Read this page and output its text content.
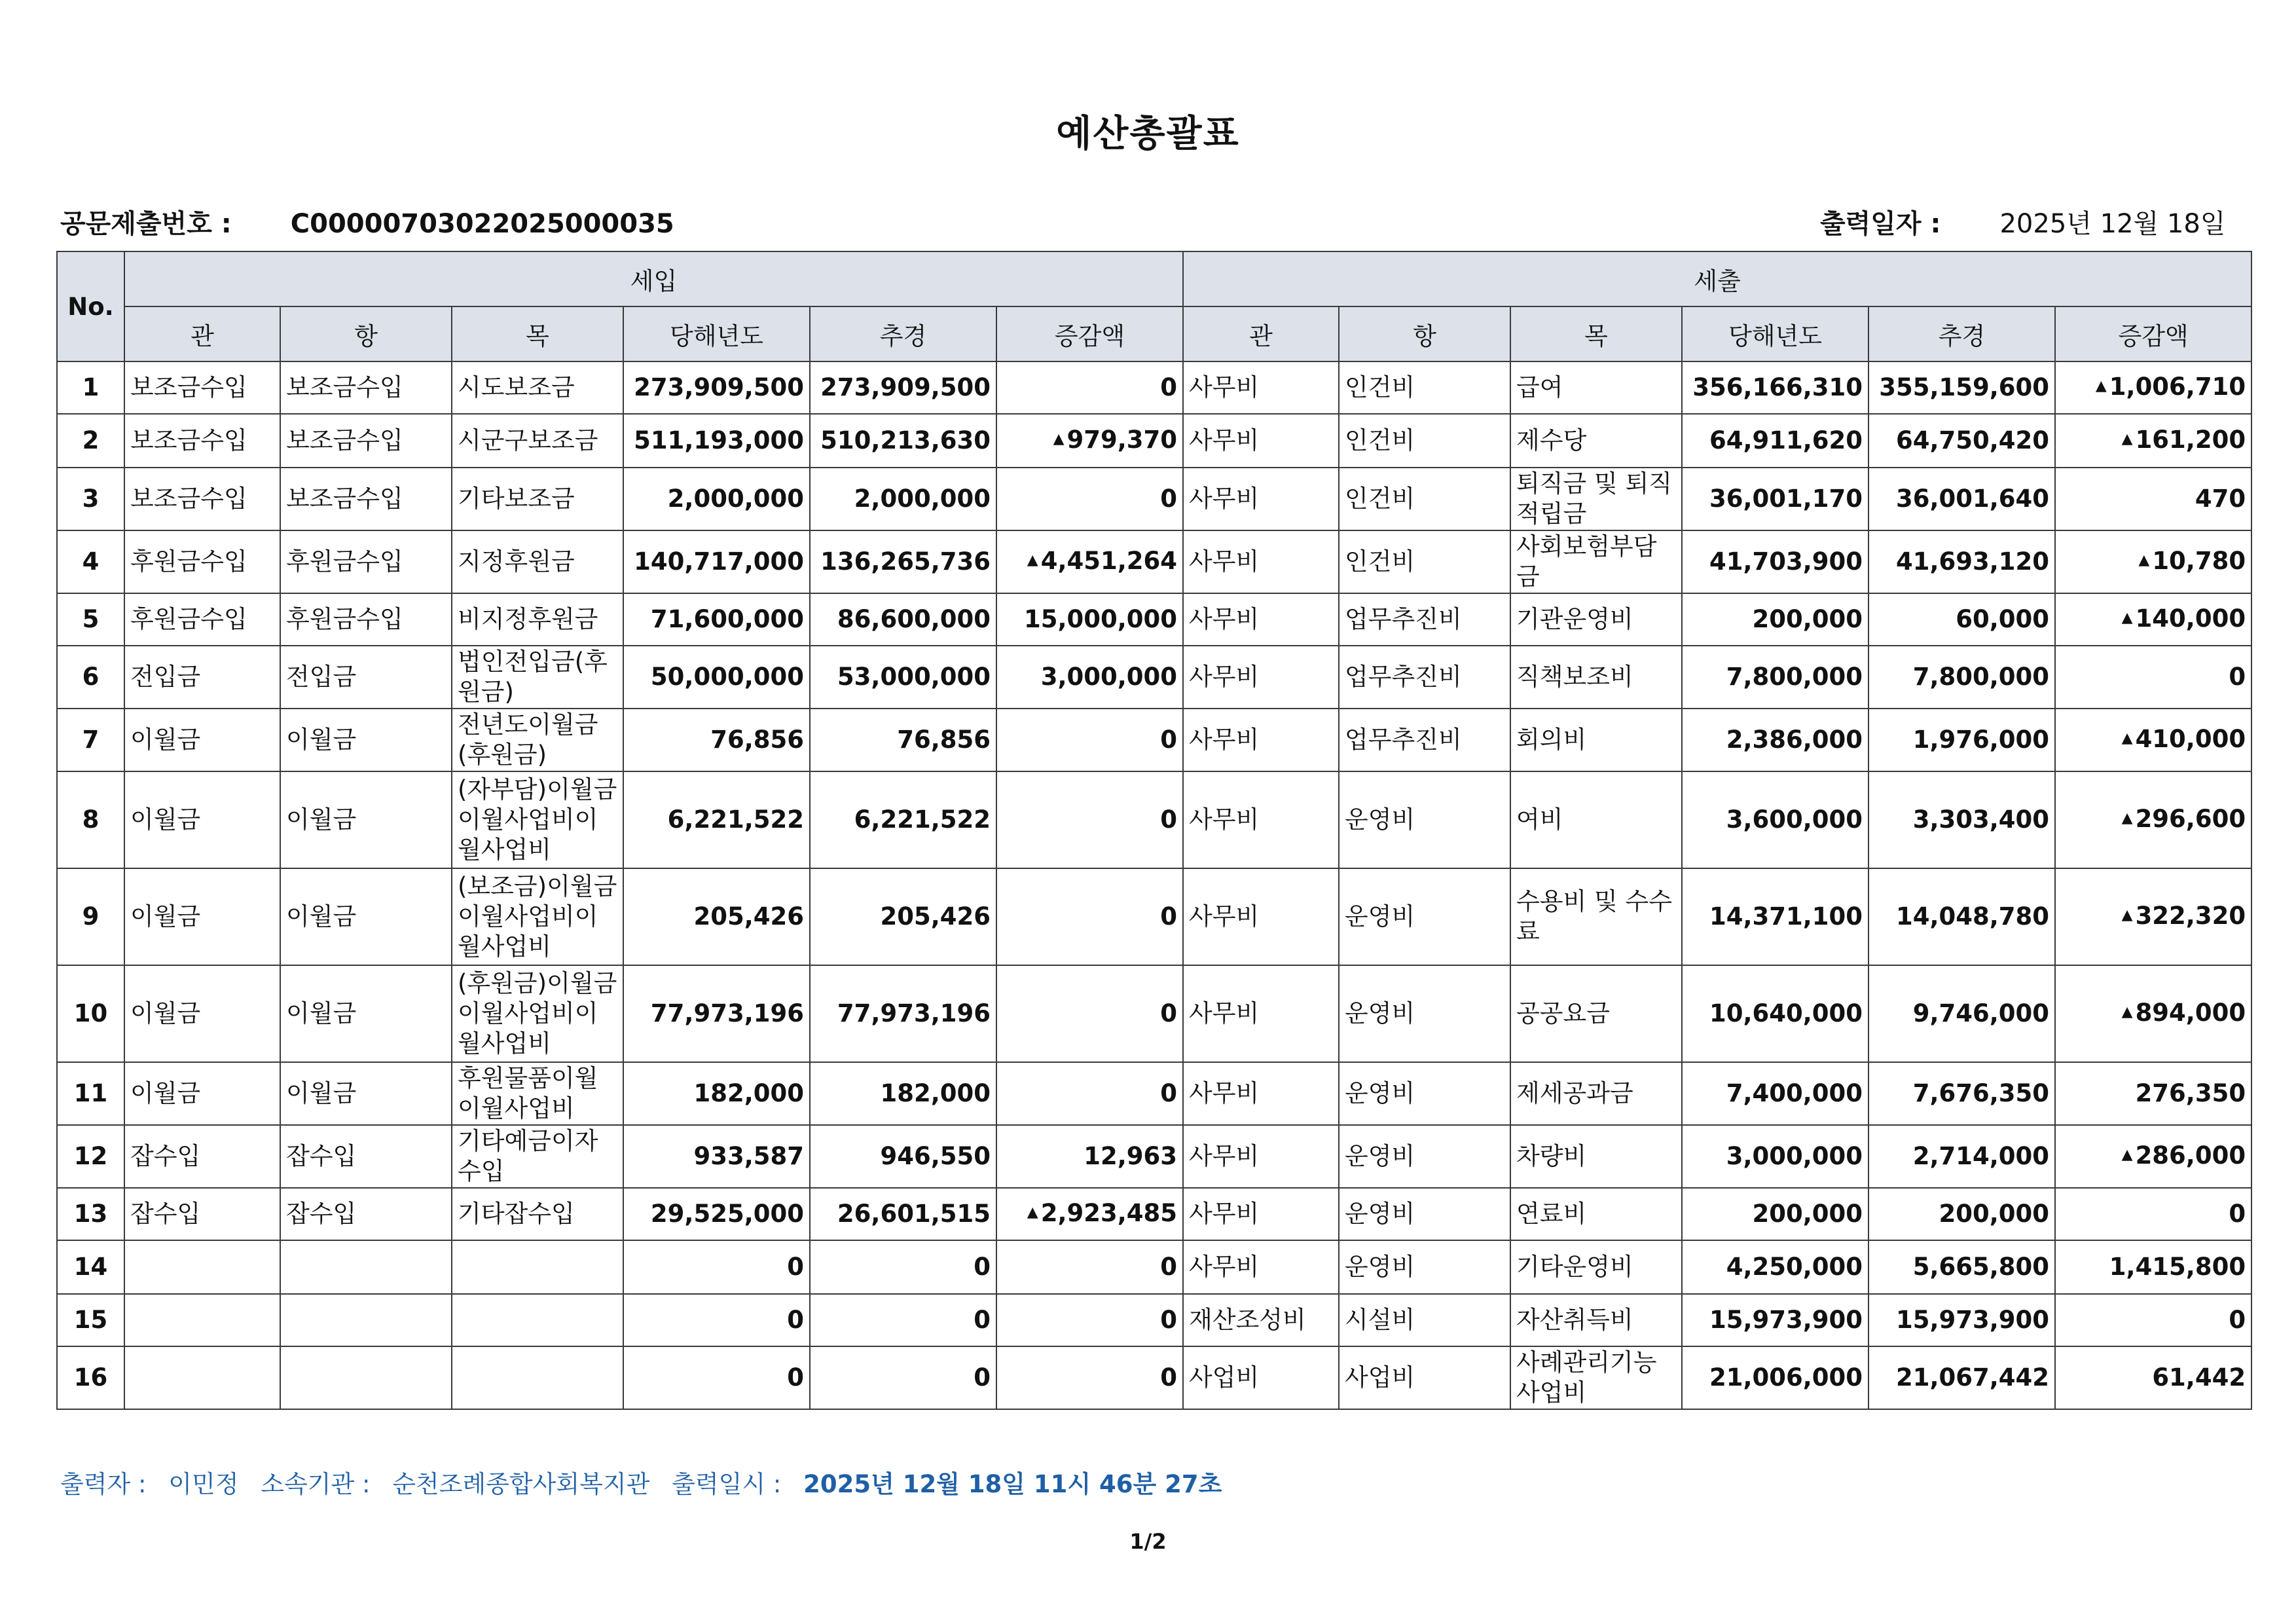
예산총괄표
공문제출번호 : C00000703022025000035	출력일자 : 2025년 12월 18일
No.	세입						세출					
	관	항	목	당해년도	추경	증감액	관	항	목	당해년도	추경	증감액
1	보조금수입	보조금수입	시도보조금	273,909,500	273,909,500	0	사무비	인건비	급여	356,166,310	355,159,600	▲ 1,006,710
2	보조금수입	보조금수입	시군구보조금	511,193,000	510,213,630	▲ 979,370	사무비	인건비	제수당	64,911,620	64,750,420	▲ 161,200
3	보조금수입	보조금수입	기타보조금	2,000,000	2,000,000	0	사무비	인건비	퇴직금 및 퇴직적립금	36,001,170	36,001,640	470
4	후원금수입	후원금수입	지정후원금	140,717,000	136,265,736	▲ 4,451,264	사무비	인건비	사회보험부담금	41,703,900	41,693,120	▲ 10,780
5	후원금수입	후원금수입	비지정후원금	71,600,000	86,600,000	15,000,000	사무비	업무추진비	기관운영비	200,000	60,000	▲ 140,000
6	전입금	전입금	법인전입금(후원금)	50,000,000	53,000,000	3,000,000	사무비	업무추진비	직책보조비	7,800,000	7,800,000	0
7	이월금	이월금	전년도이월금(후원금)	76,856	76,856	0	사무비	업무추진비	회의비	2,386,000	1,976,000	▲ 410,000
8	이월금	이월금	(자부담)이월금이월사업비이월사업비	6,221,522	6,221,522	0	사무비	운영비	여비	3,600,000	3,303,400	▲ 296,600
9	이월금	이월금	(보조금)이월금이월사업비이월사업비	205,426	205,426	0	사무비	운영비	수용비 및 수수료	14,371,100	14,048,780	▲ 322,320
10	이월금	이월금	(후원금)이월금이월사업비이월사업비	77,973,196	77,973,196	0	사무비	운영비	공공요금	10,640,000	9,746,000	▲ 894,000
11	이월금	이월금	후원물품이월이월사업비	182,000	182,000	0	사무비	운영비	제세공과금	7,400,000	7,676,350	276,350
12	잡수입	잡수입	기타예금이자수입	933,587	946,550	12,963	사무비	운영비	차량비	3,000,000	2,714,000	▲ 286,000
13	잡수입	잡수입	기타잡수입	29,525,000	26,601,515	▲ 2,923,485	사무비	운영비	연료비	200,000	200,000	0
14				0	0	0	사무비	운영비	기타운영비	4,250,000	5,665,800	1,415,800
15				0	0	0	재산조성비	시설비	자산취득비	15,973,900	15,973,900	0
16				0	0	0	사업비	사업비	사례관리기능사업비	21,006,000	21,067,442	61,442
출력자 : 이민정 소속기관 : 순천조례종합사회복지관 출력일시 : 2025년 12월 18일 11시 46분 27초
1/2
